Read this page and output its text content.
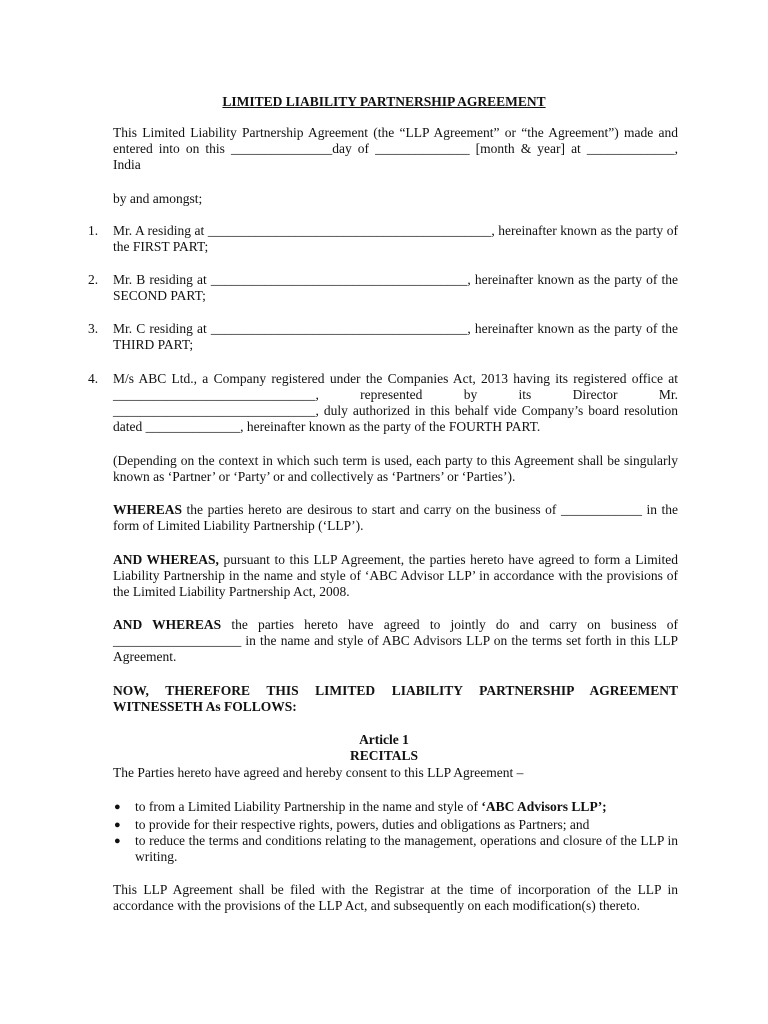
LIMITED LIABILITY PARTNERSHIP AGREEMENT
This Limited Liability Partnership Agreement (the “LLP Agreement” or “the Agreement”) made and entered into on this _______________day of ______________ [month & year] at _____________, India
by and amongst;
1. Mr. A residing at __________________________________________, hereinafter known as the party of the FIRST PART;
2. Mr. B residing at ______________________________________, hereinafter known as the party of the SECOND PART;
3. Mr. C residing at ______________________________________, hereinafter known as the party of the THIRD PART;
4. M/s ABC Ltd., a Company registered under the Companies Act, 2013 having its registered office at ______________________________, represented by its Director Mr. ______________________________, duly authorized in this behalf vide Company’s board resolution dated ______________, hereinafter known as the party of the FOURTH PART.
(Depending on the context in which such term is used, each party to this Agreement shall be singularly known as ‘Partner’ or ‘Party’ or and collectively as ‘Partners’ or ‘Parties’).
WHEREAS the parties hereto are desirous to start and carry on the business of ____________ in the form of Limited Liability Partnership (‘LLP’).
AND WHEREAS, pursuant to this LLP Agreement, the parties hereto have agreed to form a Limited Liability Partnership in the name and style of ‘ABC Advisor LLP’ in accordance with the provisions of the Limited Liability Partnership Act, 2008.
AND WHEREAS the parties hereto have agreed to jointly do and carry on business of ___________________ in the name and style of ABC Advisors LLP on the terms set forth in this LLP Agreement.
NOW, THEREFORE THIS LIMITED LIABILITY PARTNERSHIP AGREEMENT WITNESSETH As FOLLOWS:
Article 1
RECITALS
The Parties hereto have agreed and hereby consent to this LLP Agreement –
● to from a Limited Liability Partnership in the name and style of ‘ABC Advisors LLP’;
● to provide for their respective rights, powers, duties and obligations as Partners; and
● to reduce the terms and conditions relating to the management, operations and closure of the LLP in writing.
This LLP Agreement shall be filed with the Registrar at the time of incorporation of the LLP in accordance with the provisions of the LLP Act, and subsequently on each modification(s) thereto.
